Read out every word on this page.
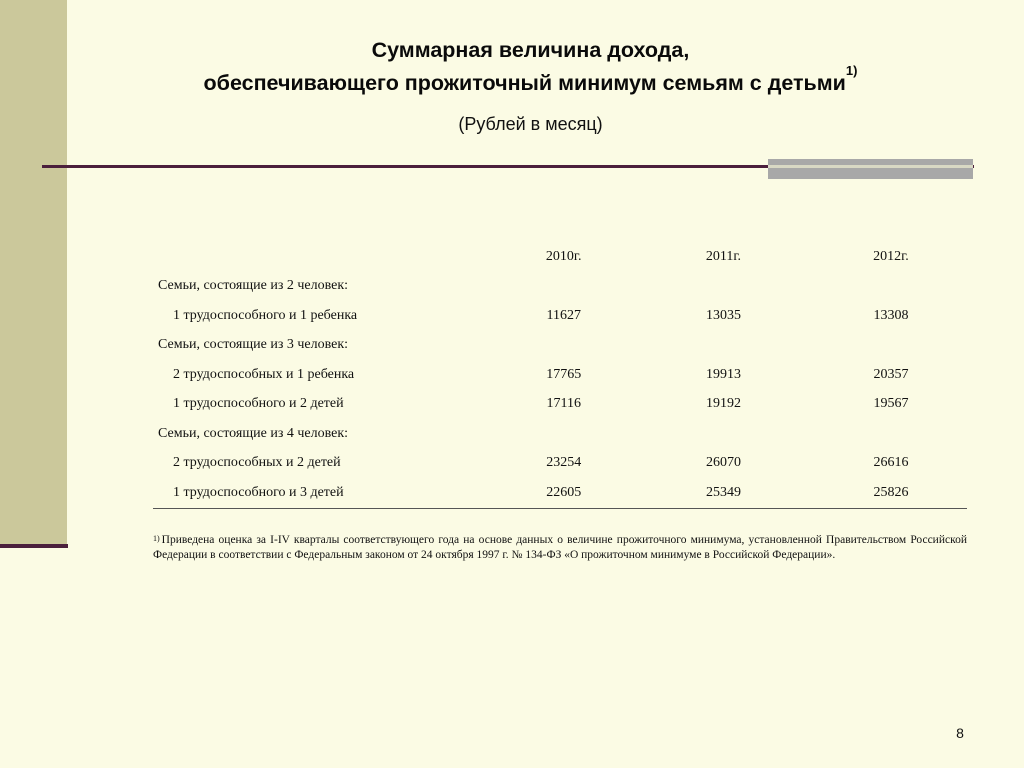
Суммарная величина дохода,
обеспечивающего прожиточный минимум семьям с детьми$^{1)}$
(Рублей в месяц)
	2010г.	2011г.	2012г.
Семьи, состоящие из 2 человек:			
1 трудоспособного и 1 ребенка	11627	13035	13308
Семьи, состоящие из 3 человек:			
2 трудоспособных и 1 ребенка	17765	19913	20357
1 трудоспособного и 2 детей	17116	19192	19567
Семьи, состоящие из 4 человек:			
2 трудоспособных и 2 детей	23254	26070	26616
1 трудоспособного и 3 детей	22605	25349	25826
$^{1)}$ Приведена оценка за I-IV кварталы соответствующего года на основе данных о величине прожиточного минимума, установленной Правительством Российской Федерации в соответствии с Федеральным законом от 24 октября 1997 г. № 134-ФЗ «О прожиточном минимуме в Российской Федерации».
8
